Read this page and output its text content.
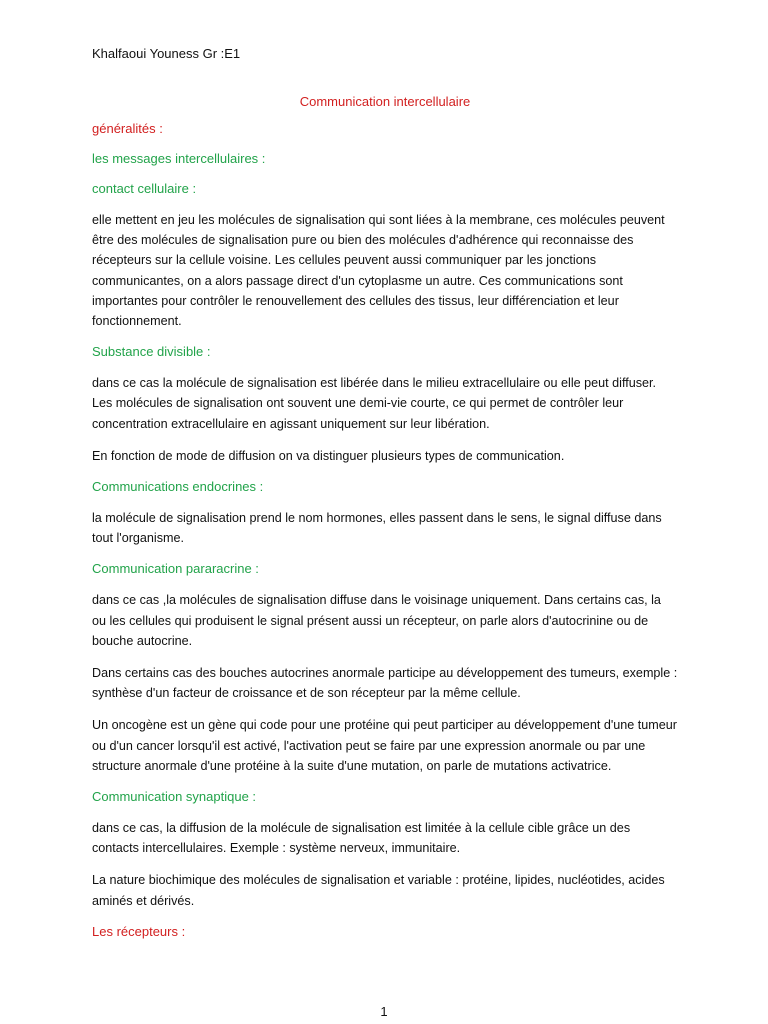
Khalfaoui Youness Gr :E1
Communication intercellulaire
généralités :
les messages intercellulaires :
contact cellulaire :
elle mettent en jeu les molécules de signalisation qui sont liées à la membrane, ces molécules peuvent être des molécules de signalisation pure ou bien des molécules d'adhérence qui reconnaisse des récepteurs sur la cellule voisine. Les cellules peuvent aussi communiquer par les jonctions communicantes, on a alors passage direct d'un cytoplasme un autre. Ces communications sont importantes pour contrôler le renouvellement des cellules des tissus, leur différenciation et leur fonctionnement.
Substance divisible :
dans ce cas la molécule de signalisation est libérée dans le milieu extracellulaire ou elle peut diffuser. Les molécules de signalisation ont souvent une demi-vie courte, ce qui permet de contrôler leur concentration extracellulaire en agissant uniquement sur leur libération.
En fonction de mode de diffusion on va distinguer plusieurs types de communication.
Communications endocrines :
la molécule de signalisation prend le nom hormones, elles passent dans le sens, le signal diffuse dans tout l'organisme.
Communication pararacrine :
dans ce cas ,la molécules de signalisation diffuse dans le voisinage uniquement. Dans certains cas, la ou les cellules qui produisent le signal présent aussi un récepteur, on parle alors d'autocrinine ou de bouche autocrine.
Dans certains cas des bouches autocrines anormale participe au développement des tumeurs, exemple : synthèse d'un facteur de croissance et de son récepteur par la même cellule.
Un oncogène est un gène qui code pour une protéine qui peut participer au développement d'une tumeur ou d'un cancer lorsqu'il est activé, l'activation peut se faire par une expression anormale ou par une structure anormale d'une protéine à la suite d'une mutation, on parle de mutations activatrice.
Communication synaptique :
dans ce cas, la diffusion de la molécule de signalisation est limitée à la cellule cible grâce un des contacts intercellulaires. Exemple : système nerveux, immunitaire.
La nature biochimique des molécules de signalisation et variable : protéine, lipides, nucléotides, acides aminés et dérivés.
Les récepteurs :
1
